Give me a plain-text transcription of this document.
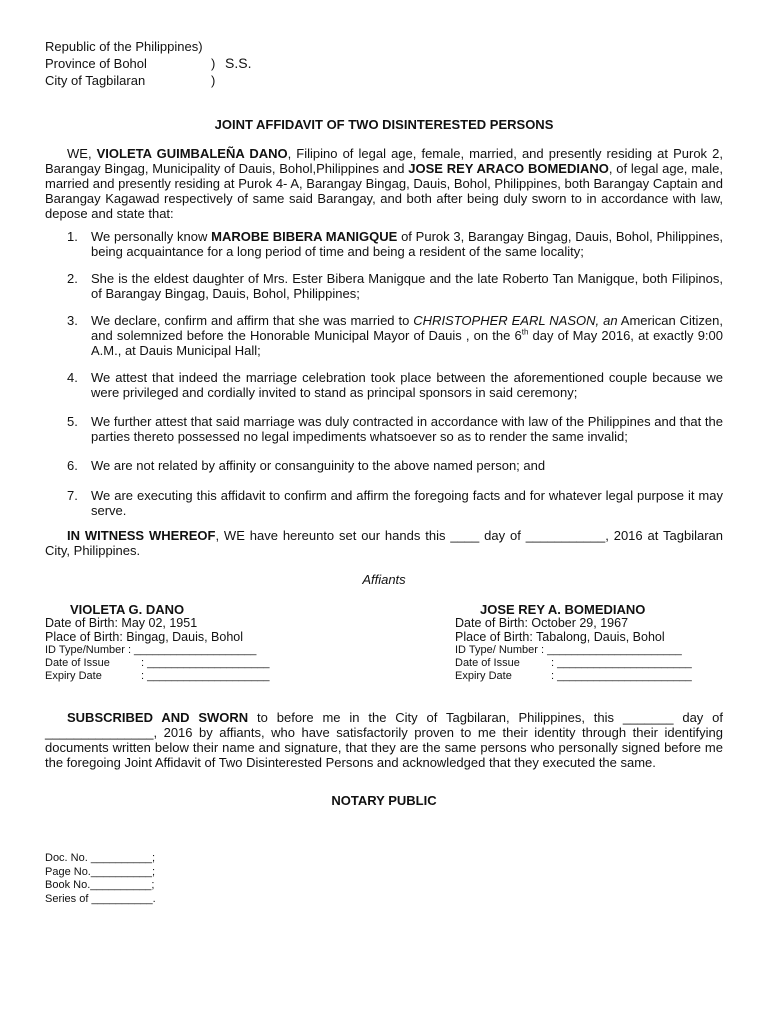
Republic of the Philippines)
Province of Bohol	)
City of Tagbilaran	)
S.S.
JOINT AFFIDAVIT OF TWO DISINTERESTED PERSONS
WE, VIOLETA GUIMBALEÑA DANO, Filipino of legal age, female, married, and presently residing at Purok 2, Barangay Bingag, Municipality of Dauis, Bohol,Philippines and JOSE REY ARACO BOMEDIANO, of legal age, male, married and presently residing at Purok 4- A, Barangay Bingag, Dauis, Bohol, Philippines, both Barangay Captain and Barangay Kagawad respectively of same said Barangay, and both after being duly sworn to in accordance with law, depose and state that:
1. We personally know MAROBE BIBERA MANIGQUE of Purok 3, Barangay Bingag, Dauis, Bohol, Philippines, being acquaintance for a long period of time and being a resident of the same locality;
2. She is the eldest daughter of Mrs. Ester Bibera Manigque and the late Roberto Tan Manigque, both Filipinos, of Barangay Bingag, Dauis, Bohol, Philippines;
3. We declare, confirm and affirm that she was married to CHRISTOPHER EARL NASON, an American Citizen, and solemnized before the Honorable Municipal Mayor of Dauis , on the 6th day of May 2016, at exactly 9:00 A.M., at Dauis Municipal Hall;
4. We attest that indeed the marriage celebration took place between the aforementioned couple because we were privileged and cordially invited to stand as principal sponsors in said ceremony;
5. We further attest that said marriage was duly contracted in accordance with law of the Philippines and that the parties thereto possessed no legal impediments whatsoever so as to render the same invalid;
6. We are not related by affinity or consanguinity to the above named person; and
7. We are executing this affidavit to confirm and affirm the foregoing facts and for whatever legal purpose it may serve.
IN WITNESS WHEREOF, WE have hereunto set our hands this ____ day of ___________, 2016 at Tagbilaran City, Philippines.
Affiants
VIOLETA G. DANO
Date of Birth: May 02, 1951
Place of Birth: Bingag, Dauis, Bohol
ID Type/Number : ____________________
Date of Issue	: ____________________
Expiry Date	: ____________________
JOSE REY A. BOMEDIANO
Date of Birth: October 29, 1967
Place of Birth: Tabalong, Dauis, Bohol
ID Type/ Number : ______________________
Date of Issue	: ______________________
Expiry Date	: ______________________
SUBSCRIBED AND SWORN to before me in the City of Tagbilaran, Philippines, this _______ day of _______________, 2016 by affiants, who have satisfactorily proven to me their identity through their identifying documents written below their name and signature, that they are the same persons who personally signed before me the foregoing Joint Affidavit of Two Disinterested Persons and acknowledged that they executed the same.
NOTARY PUBLIC
Doc. No. __________;
Page No.__________;
Book No.__________;
Series of __________.
